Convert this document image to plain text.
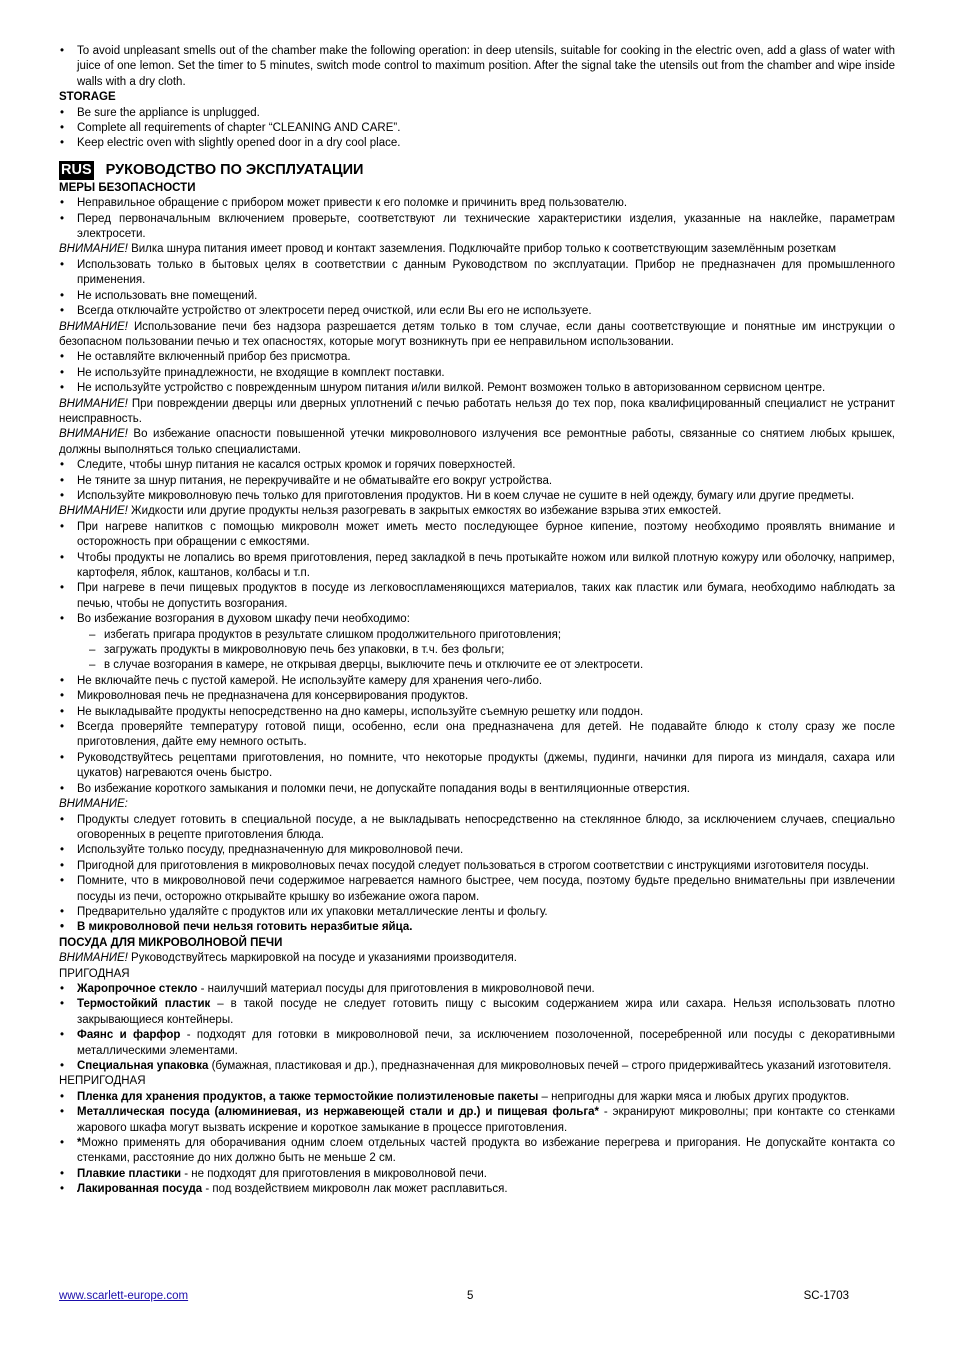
• To avoid unpleasant smells out of the chamber make the following operation: in deep utensils, suitable for cooking in the electric oven, add a glass of water with juice of one lemon. Set the timer to 5 minutes, switch mode control to maximum position. After the signal take the utensils out from the chamber and wipe inside walls with a dry cloth.
STORAGE
• Be sure the appliance is unplugged.
• Complete all requirements of chapter “CLEANING AND CARE”.
• Keep electric oven with slightly opened door in a dry cool place.
RUS РУКОВОДСТВО ПО ЭКСПЛУАТАЦИИ
МЕРЫ БЕЗОПАСНОСТИ
• Неправильное обращение с прибором может привести к его поломке и причинить вред пользователю.
• Перед первоначальным включением проверьте, соответствуют ли технические характеристики изделия, указанные на наклейке, параметрам электросети.
ВНИМАНИЕ! Вилка шнура питания имеет провод и контакт заземления. Подключайте прибор только к соответствующим заземлённым розеткам
• Использовать только в бытовых целях в соответствии с данным Руководством по эксплуатации. Прибор не предназначен для промышленного применения.
• Не использовать вне помещений.
• Всегда отключайте устройство от электросети перед очисткой, или если Вы его не используете.
ВНИМАНИЕ! Использование печи без надзора разрешается детям только в том случае, если даны соответствующие и понятные им инструкции о безопасном пользовании печью и тех опасностях, которые могут возникнуть при ее неправильном использовании.
• Не оставляйте включенный прибор без присмотра.
• Не используйте принадлежности, не входящие в комплект поставки.
• Не используйте устройство с поврежденным шнуром питания и/или вилкой. Ремонт возможен только в авторизованном сервисном центре.
ВНИМАНИЕ! При повреждении дверцы или дверных уплотнений с печью работать нельзя до тех пор, пока квалифицированный специалист не устранит неисправность.
ВНИМАНИЕ! Во избежание опасности повышенной утечки микроволнового излучения все ремонтные работы, связанные со снятием любых крышек, должны выполняться только специалистами.
• Следите, чтобы шнур питания не касался острых кромок и горячих поверхностей.
• Не тяните за шнур питания, не перекручивайте и не обматывайте его вокруг устройства.
• Используйте микроволновую печь только для приготовления продуктов. Ни в коем случае не сушите в ней одежду, бумагу или другие предметы.
ВНИМАНИЕ! Жидкости или другие продукты нельзя разогревать в закрытых емкостях во избежание взрыва этих емкостей.
• При нагреве напитков с помощью микроволн может иметь место последующее бурное кипение, поэтому необходимо проявлять внимание и осторожность при обращении с емкостями.
• Чтобы продукты не лопались во время приготовления, перед закладкой в печь протыкайте ножом или вилкой плотную кожуру или оболочку, например, картофеля, яблок, каштанов, колбасы и т.п.
• При нагреве в печи пищевых продуктов в посуде из легковоспламеняющихся материалов, таких как пластик или бумага, необходимо наблюдать за печью, чтобы не допустить возгорания.
• Во избежание возгорания в духовом шкафу печи необходимо:
– избегать пригара продуктов в результате слишком продолжительного приготовления;
– загружать продукты в микроволновую печь без упаковки, в т.ч. без фольги;
– в случае возгорания в камере, не открывая дверцы, выключите печь и отключите ее от электросети.
• Не включайте печь с пустой камерой. Не используйте камеру для хранения чего-либо.
• Микроволновая печь не предназначена для консервирования продуктов.
• Не выкладывайте продукты непосредственно на дно камеры, используйте съемную решетку или поддон.
• Всегда проверяйте температуру готовой пищи, особенно, если она предназначена для детей. Не подавайте блюдо к столу сразу же после приготовления, дайте ему немного остыть.
• Руководствуйтесь рецептами приготовления, но помните, что некоторые продукты (джемы, пудинги, начинки для пирога из миндаля, сахара или цукатов) нагреваются очень быстро.
• Во избежание короткого замыкания и поломки печи, не допускайте попадания воды в вентиляционные отверстия.
ВНИМАНИЕ:
• Продукты следует готовить в специальной посуде, а не выкладывать непосредственно на стеклянное блюдо, за исключением случаев, специально оговоренных в рецепте приготовления блюда.
• Используйте только посуду, предназначенную для микроволновой печи.
• Пригодной для приготовления в микроволновых печах посудой следует пользоваться в строгом соответствии с инструкциями изготовителя посуды.
• Помните, что в микроволновой печи содержимое нагревается намного быстрее, чем посуда, поэтому будьте предельно внимательны при извлечении посуды из печи, осторожно открывайте крышку во избежание ожога паром.
• Предварительно удаляйте с продуктов или их упаковки металлические ленты и фольгу.
• В микроволновой печи нельзя готовить неразбитые яйца.
ПОСУДА ДЛЯ МИКРОВОЛНОВОЙ ПЕЧИ
ВНИМАНИЕ! Руководствуйтесь маркировкой на посуде и указаниями производителя.
ПРИГОДНАЯ
• Жаропрочное стекло - наилучший материал посуды для приготовления в микроволновой печи.
• Термостойкий пластик – в такой посуде не следует готовить пищу с высоким содержанием жира или сахара. Нельзя использовать плотно закрывающиеся контейнеры.
• Фаянс и фарфор - подходят для готовки в микроволновой печи, за исключением позолоченной, посеребренной или посуды с декоративными металлическими элементами.
• Специальная упаковка (бумажная, пластиковая и др.), предназначенная для микроволновых печей – строго придерживайтесь указаний изготовителя.
НЕПРИГОДНАЯ
• Пленка для хранения продуктов, а также термостойкие полиэтиленовые пакеты – непригодны для жарки мяса и любых других продуктов.
• Металлическая посуда (алюминиевая, из нержавеющей стали и др.) и пищевая фольга* - экранируют микроволны; при контакте со стенками жарового шкафа могут вызвать искрение и короткое замыкание в процессе приготовления.
• *Можно применять для оборачивания одним слоем отдельных частей продукта во избежание перегрева и пригорания. Не допускайте контакта со стенками, расстояние до них должно быть не меньше 2 см.
• Плавкие пластики - не подходят для приготовления в микроволновой печи.
• Лакированная посуда - под воздействием микроволн лак может расплавиться.
www.scarlett-europe.com	5	SC-1703
